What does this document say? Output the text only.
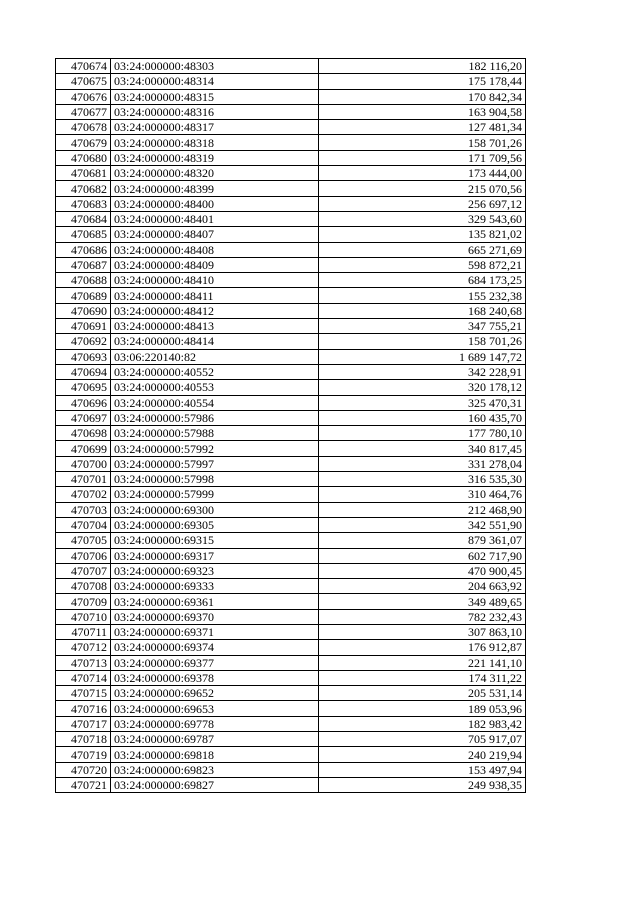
470674	03:24:000000:48303	182 116,20
470675	03:24:000000:48314	175 178,44
470676	03:24:000000:48315	170 842,34
470677	03:24:000000:48316	163 904,58
470678	03:24:000000:48317	127 481,34
470679	03:24:000000:48318	158 701,26
470680	03:24:000000:48319	171 709,56
470681	03:24:000000:48320	173 444,00
470682	03:24:000000:48399	215 070,56
470683	03:24:000000:48400	256 697,12
470684	03:24:000000:48401	329 543,60
470685	03:24:000000:48407	135 821,02
470686	03:24:000000:48408	665 271,69
470687	03:24:000000:48409	598 872,21
470688	03:24:000000:48410	684 173,25
470689	03:24:000000:48411	155 232,38
470690	03:24:000000:48412	168 240,68
470691	03:24:000000:48413	347 755,21
470692	03:24:000000:48414	158 701,26
470693	03:06:220140:82	1 689 147,72
470694	03:24:000000:40552	342 228,91
470695	03:24:000000:40553	320 178,12
470696	03:24:000000:40554	325 470,31
470697	03:24:000000:57986	160 435,70
470698	03:24:000000:57988	177 780,10
470699	03:24:000000:57992	340 817,45
470700	03:24:000000:57997	331 278,04
470701	03:24:000000:57998	316 535,30
470702	03:24:000000:57999	310 464,76
470703	03:24:000000:69300	212 468,90
470704	03:24:000000:69305	342 551,90
470705	03:24:000000:69315	879 361,07
470706	03:24:000000:69317	602 717,90
470707	03:24:000000:69323	470 900,45
470708	03:24:000000:69333	204 663,92
470709	03:24:000000:69361	349 489,65
470710	03:24:000000:69370	782 232,43
470711	03:24:000000:69371	307 863,10
470712	03:24:000000:69374	176 912,87
470713	03:24:000000:69377	221 141,10
470714	03:24:000000:69378	174 311,22
470715	03:24:000000:69652	205 531,14
470716	03:24:000000:69653	189 053,96
470717	03:24:000000:69778	182 983,42
470718	03:24:000000:69787	705 917,07
470719	03:24:000000:69818	240 219,94
470720	03:24:000000:69823	153 497,94
470721	03:24:000000:69827	249 938,35
